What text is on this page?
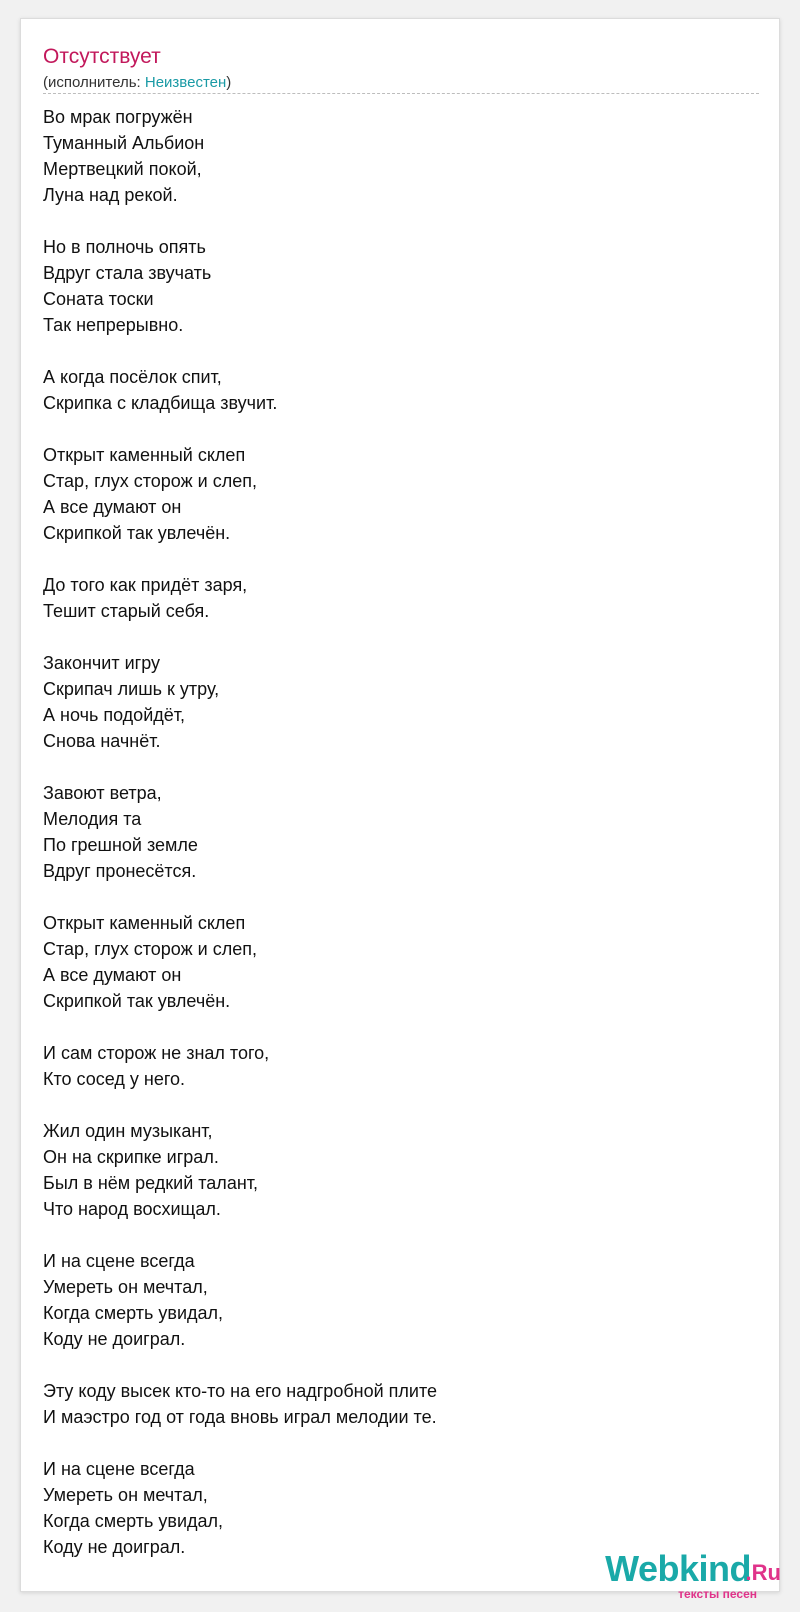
Отсутствует
(исполнитель: Неизвестен)
Во мрак погружён
Туманный Альбион
Мертвецкий покой,
Луна над рекой.
Но в полночь опять
Вдруг стала звучать
Соната тоски
Так непрерывно.
А когда посёлок спит,
Скрипка с кладбища звучит.
Открыт каменный склеп
Стар, глух сторож и слеп,
А все думают он
Скрипкой так увлечён.
До того как придёт заря,
Тешит старый себя.
Закончит игру
Скрипач лишь к утру,
А ночь подойдёт,
Снова начнёт.
Завоют ветра,
Мелодия та
По грешной земле
Вдруг пронесётся.
Открыт каменный склеп
Стар, глух сторож и слеп,
А все думают он
Скрипкой так увлечён.
И сам сторож не знал того,
Кто сосед у него.
Жил один музыкант,
Он на скрипке играл.
Был в нём редкий талант,
Что народ восхищал.
И на сцене всегда
Умереть он мечтал,
Когда смерть увидал,
Коду не доиграл.
Эту коду высек кто-то на его надгробной плите
И маэстро год от года вновь играл мелодии те.
И на сцене всегда
Умереть он мечтал,
Когда смерть увидал,
Коду не доиграл.
Webkind
.Ru
тексты песен
